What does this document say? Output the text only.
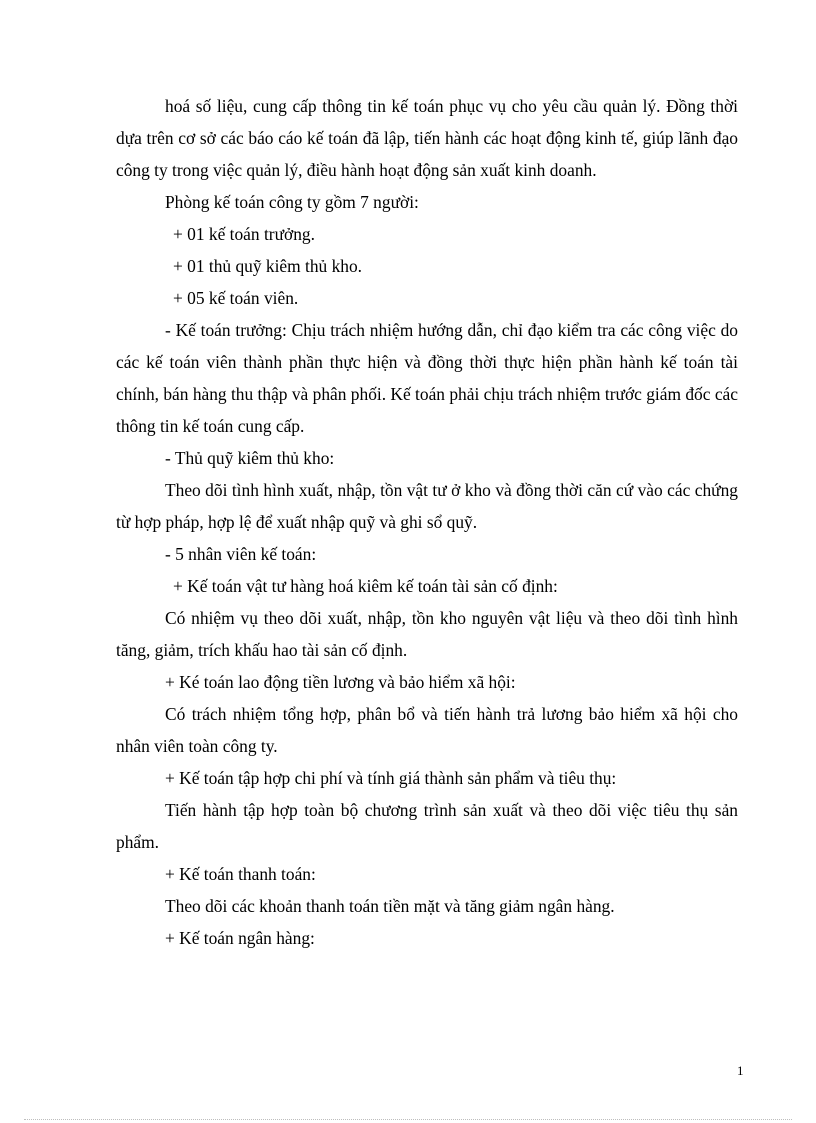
hoá số liệu, cung cấp thông tin kế toán phục vụ cho yêu cầu quản lý. Đồng thời dựa trên cơ sở các báo cáo kế toán đã lập, tiến hành các hoạt động kinh tế, giúp lãnh đạo công ty trong việc quản lý, điều hành hoạt động sản xuất kinh doanh.

Phòng kế toán công ty gồm 7 người:

+ 01 kế toán trưởng.

+ 01 thủ quỹ kiêm thủ kho.

+ 05 kế toán viên.

- Kế toán trưởng: Chịu trách nhiệm hướng dẫn, chỉ đạo kiểm tra các công việc do các kế toán viên thành phần thực hiện và đồng thời thực hiện phần hành kế toán tài chính, bán hàng thu thập và phân phối. Kế toán phải chịu trách nhiệm trước giám đốc các thông tin kế toán cung cấp.

- Thủ quỹ kiêm thủ kho:

Theo dõi tình hình xuất, nhập, tồn vật tư ở kho và đồng thời căn cứ vào các chứng từ hợp pháp, hợp lệ để xuất nhập quỹ và ghi sổ quỹ.

- 5 nhân viên kế toán:

+ Kế toán vật tư hàng hoá kiêm kế toán tài sản cố định:

Có nhiệm vụ theo dõi xuất, nhập, tồn kho nguyên vật liệu và theo dõi tình hình tăng, giảm, trích khấu hao tài sản cố định.

+ Ké toán lao động tiền lương và bảo hiểm xã hội:

Có trách nhiệm tổng hợp, phân bổ và tiến hành trả lương bảo hiểm xã hội cho nhân viên toàn công ty.

+ Kế toán tập hợp chi phí và tính giá thành sản phẩm và tiêu thụ:

Tiến hành tập hợp toàn bộ chương trình sản xuất và theo dõi việc tiêu thụ sản phẩm.

+ Kế toán thanh toán:

Theo dõi các khoản thanh toán tiền mặt và tăng giảm ngân hàng.

+ Kế toán ngân hàng:

1
